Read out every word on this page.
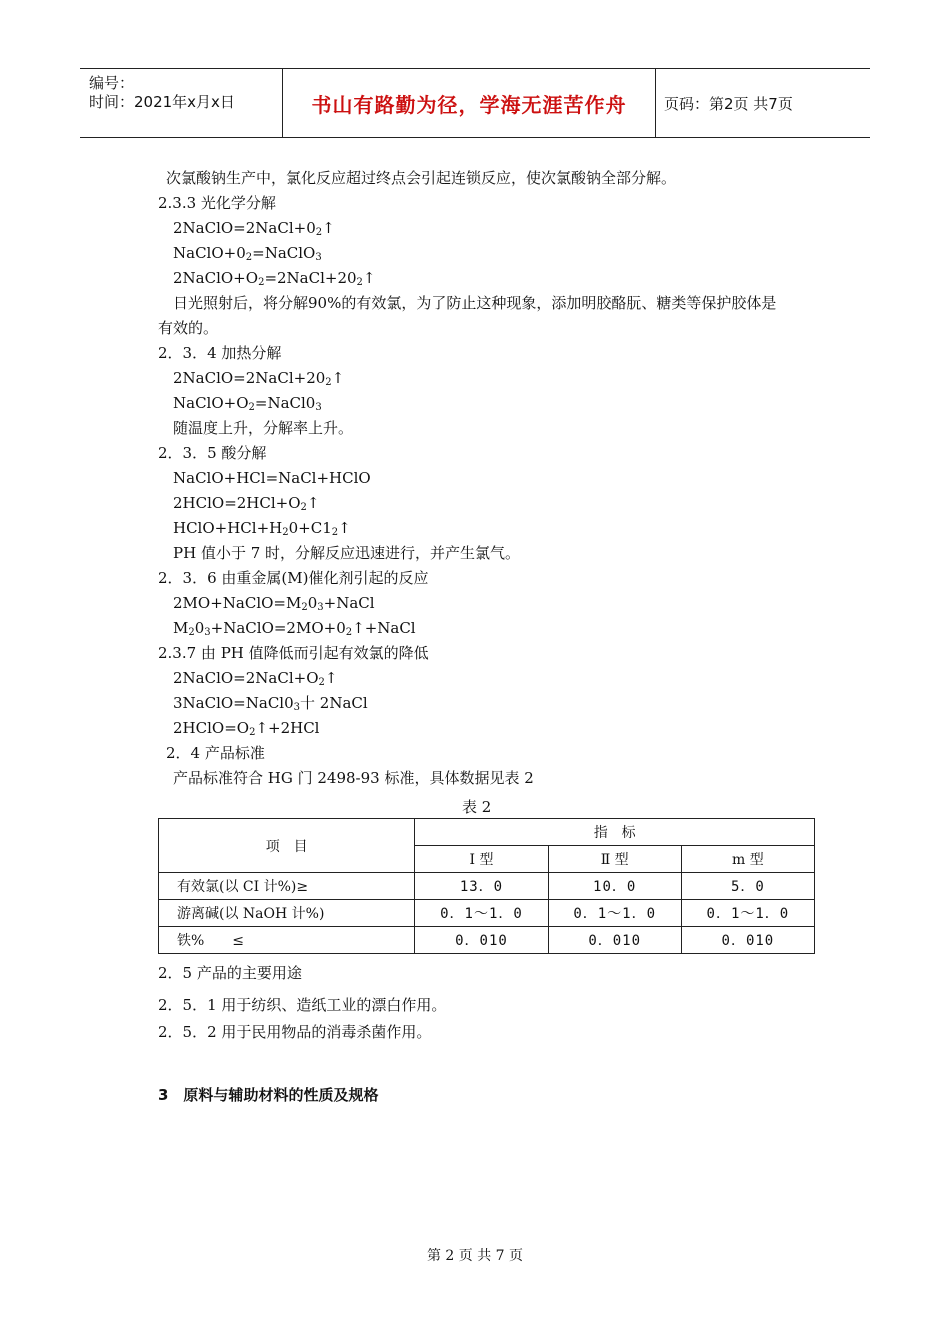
编号：
时间：2021年x月x日	书山有路勤为径，学海无涯苦作舟	页码：第2页 共7页
次氯酸钠生产中，氯化反应超过终点会引起连锁反应，使次氯酸钠全部分解。
2.3.3 光化学分解
$2NaClO=2NaCl+0_2↑$
$NaClO+0_2=NaClO_3$
$2NaClO+O_2=2NaCl+20_2↑$
日光照射后，将分解90%的有效氯，为了防止这种现象，添加明胶酪朊、糖类等保护胶体是
有效的。
2．3．4 加热分解
$2NaClO=2NaCl+20_2↑$
$NaClO+O_2=NaCl0_3$
随温度上升，分解率上升。
2．3．5 酸分解
NaClO+HCl=NaCl+HClO
$2HClO=2HCl+O_2↑$
$HClO+HCl+H_20+C1_2↑$
PH 值小于 7 时，分解反应迅速进行，并产生氯气。
2．3．6 由重金属(M)催化剂引起的反应
$2MO+NaClO=M_20_3+NaCl$
$M_20_3+NaClO=2MO+0_2↑+NaCl$
2.3.7 由 PH 值降低而引起有效氯的降低
$2NaClO=2NaCl+O_2↑$
$3NaClO=NaCl0_3$十 2NaCl
$2HClO=O_2↑+2HCl$
2．4 产品标准
产品标准符合 HG 门 2498-93 标准，具体数据见表 2
表 2
项　目	指　标		
	I 型	Ⅱ 型	m 型
有效氯(以 CI 计%)≥	13．0	10．0	5．0
游离碱(以 NaOH 计%)	0．1～1．0	0．1～1．0	0．1～1．0
铁%　　≤	0．010	0．010	0．010
2．5 产品的主要用途
2．5．1 用于纺织、造纸工业的漂白作用。
2．5．2 用于民用物品的消毒杀菌作用。
3　原料与辅助材料的性质及规格
第 2 页 共 7 页
